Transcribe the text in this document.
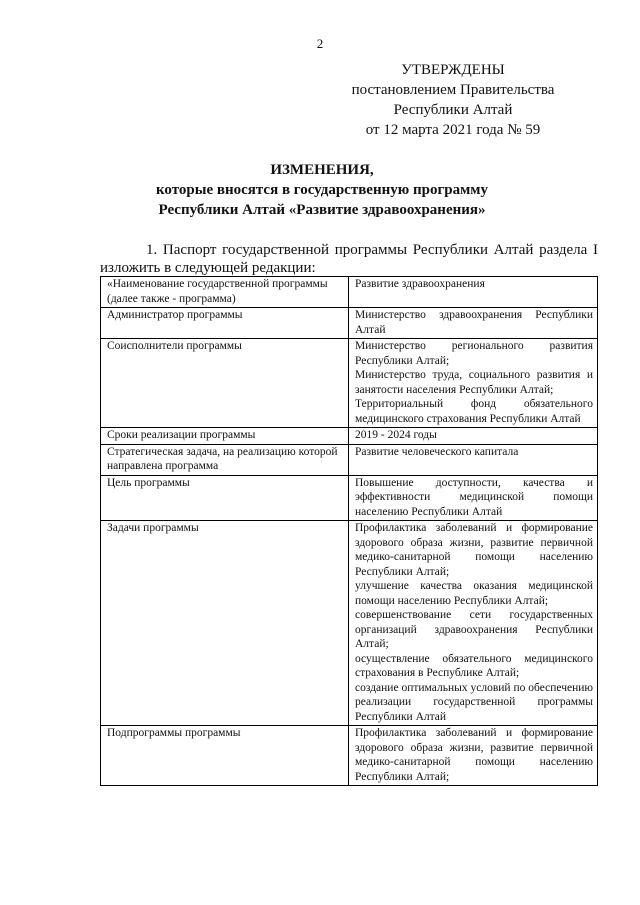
2
УТВЕРЖДЕНЫ
постановлением Правительства
Республики Алтай
от 12 марта 2021 года № 59
ИЗМЕНЕНИЯ,
которые вносятся в государственную программу
Республики Алтай «Развитие здравоохранения»
1. Паспорт государственной программы Республики Алтай раздела I изложить в следующей редакции:
«Наименование государственной программы (далее также - программа)	Развитие здравоохранения

Администратор программы	Министерство здравоохранения Республики Алтай

Соисполнители программы	Министерство регионального развития Республики Алтай;
Министерство труда, социального развития и занятости населения Республики Алтай;
Территориальный фонд обязательного медицинского страхования Республики Алтай

Сроки реализации программы	2019 - 2024 годы

Стратегическая задача, на реализацию которой направлена программа	Развитие человеческого капитала

Цель программы	Повышение доступности, качества и эффективности медицинской помощи населению Республики Алтай

Задачи программы	Профилактика заболеваний и формирование здорового образа жизни, развитие первичной медико-санитарной помощи населению Республики Алтай;
улучшение качества оказания медицинской помощи населению Республики Алтай;
совершенствование сети государственных организаций здравоохранения Республики Алтай;
осуществление обязательного медицинского страхования в Республике Алтай;
создание оптимальных условий по обеспечению реализации государственной программы Республики Алтай

Подпрограммы программы	Профилактика заболеваний и формирование здорового образа жизни, развитие первичной медико-санитарной помощи населению Республики Алтай;
